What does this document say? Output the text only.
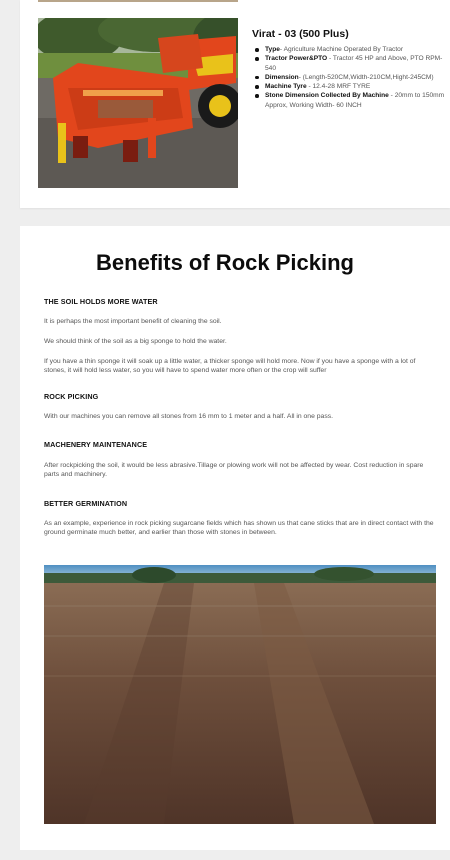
Virat - 03 (500 Plus)
Type- Agriculture Machine Operated By Tractor
Tractor Power&PTO - Tractor 45 HP and Above, PTO RPM-540
Dimension- (Length-520CM,Width-210CM,Hight-245CM)
Machine Tyre - 12.4-28 MRF TYRE
Stone Dimension Collected By Machine - 20mm to 150mm Approx, Working Width- 60 INCH
Benefits of Rock Picking
THE SOIL HOLDS MORE WATER

It is perhaps the most important benefit of cleaning the soil.

We should think of the soil as a big sponge to hold the water.

If you have a thin sponge it will soak up a little water, a thicker sponge will hold more. Now if you have a sponge with a lot of stones, it will hold less water, so you will have to spend water more often or the crop will suffer

ROCK PICKING

With our machines you can remove all stones from 16 mm to 1 meter and a half. All in one pass.

MACHENERY MAINTENANCE

After rockpicking the soil, it would be less abrasive.Tillage or plowing work will not be affected by wear. Cost reduction in spare parts and machinery.

BETTER GERMINATION

As an example, experience in rock picking sugarcane fields which has shown us that cane sticks that are in direct contact with the ground germinate much better, and earlier than those with stones in between.
